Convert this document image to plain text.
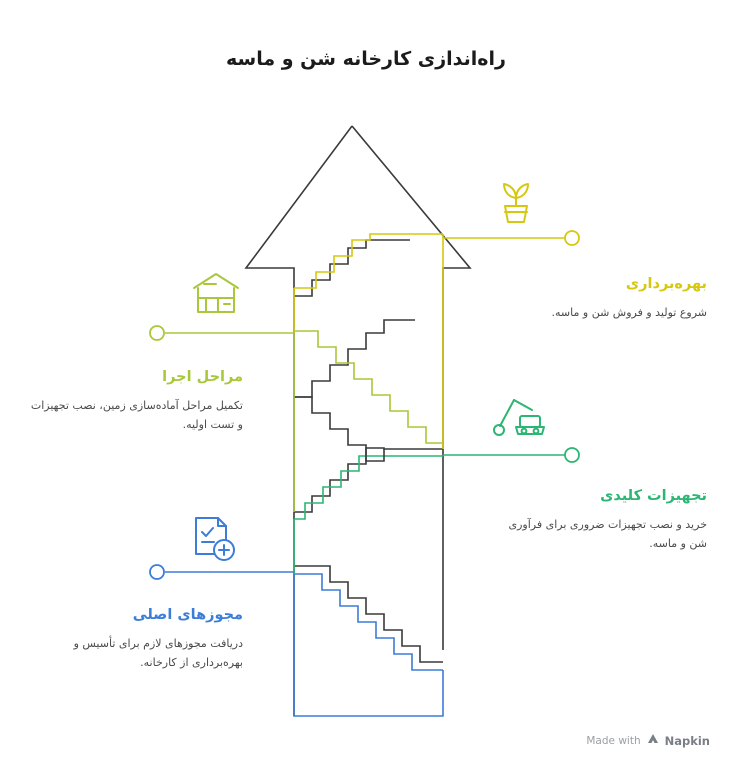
راه‌اندازی کارخانه شن و ماسه

بهره‌برداری

شروع تولید و فروش شن و ماسه.

تجهیزات کلیدی

خرید و نصب تجهیزات ضروری برای فرآوری شن و ماسه.

مراحل اجرا

تکمیل مراحل آماده‌سازی زمین، نصب تجهیزات و تست اولیه.

مجوزهای اصلی

دریافت مجوزهای لازم برای تأسیس و بهره‌برداری از کارخانه.

Made with Napkin
